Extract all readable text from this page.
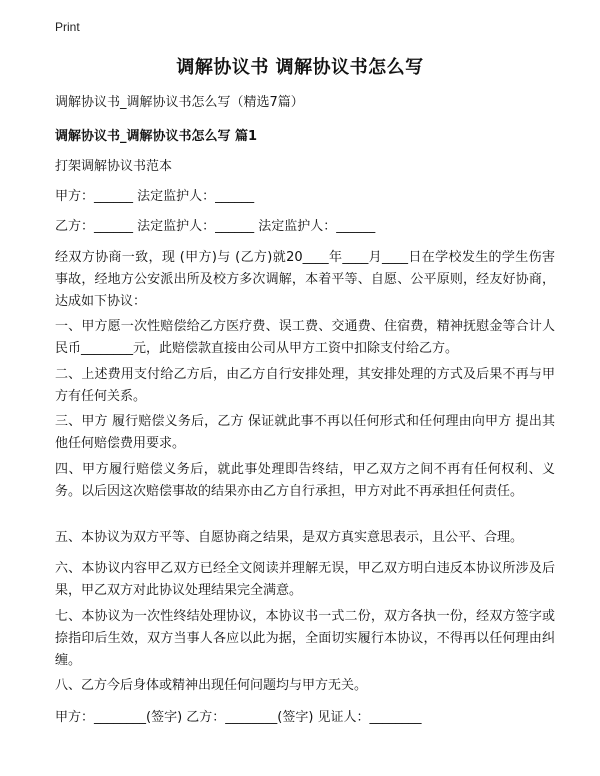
Print
调解协议书 调解协议书怎么写
调解协议书_调解协议书怎么写（精选7篇）
调解协议书_调解协议书怎么写 篇1
打架调解协议书范本
甲方：______ 法定监护人：______
乙方：______ 法定监护人：______ 法定监护人：______
经双方协商一致，现 (甲方)与 (乙方)就20____年____月____日在学校发生的学生伤害事故，经地方公安派出所及校方多次调解，本着平等、自愿、公平原则，经友好协商，达成如下协议：
一、甲方愿一次性赔偿给乙方医疗费、误工费、交通费、住宿费，精神抚慰金等合计人民币________元，此赔偿款直接由公司从甲方工资中扣除支付给乙方。
二、上述费用支付给乙方后，由乙方自行安排处理，其安排处理的方式及后果不再与甲方有任何关系。
三、甲方 履行赔偿义务后，乙方 保证就此事不再以任何形式和任何理由向甲方 提出其他任何赔偿费用要求。
四、甲方履行赔偿义务后，就此事处理即告终结，甲乙双方之间不再有任何权利、义务。以后因这次赔偿事故的结果亦由乙方自行承担，甲方对此不再承担任何责任。
五、本协议为双方平等、自愿协商之结果，是双方真实意思表示，且公平、合理。
六、本协议内容甲乙双方已经全文阅读并理解无误，甲乙双方明白违反本协议所涉及后果，甲乙双方对此协议处理结果完全满意。
七、本协议为一次性终结处理协议，本协议书一式二份，双方各执一份，经双方签字或捺指印后生效，双方当事人各应以此为据，全面切实履行本协议，不得再以任何理由纠缠。
八、乙方今后身体或精神出现任何问题均与甲方无关。
甲方：________(签字) 乙方：________(签字) 见证人：________
